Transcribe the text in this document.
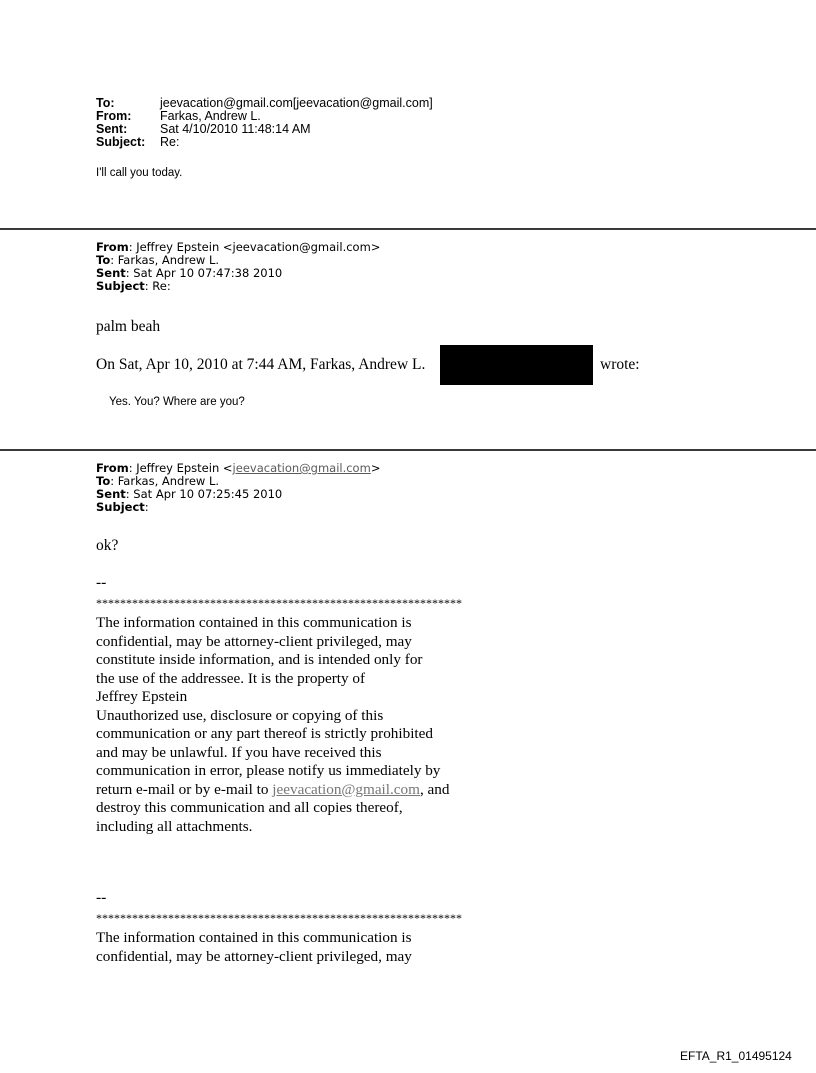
To:	jeevacation@gmail.com[jeevacation@gmail.com]
From: Farkas, Andrew L.
Sent:	Sat 4/10/2010 11:48:14 AM
Subject: Re:
I'll call you today.
From: Jeffrey Epstein <jeevacation@gmail.com>
To: Farkas, Andrew L.
Sent: Sat Apr 10 07:47:38 2010
Subject: Re:
palm beah
On Sat, Apr 10, 2010 at 7:44 AM, Farkas, Andrew L.	wrote:
Yes. You? Where are you?
From: Jeffrey Epstein <jeevacation@gmail.com>
To: Farkas, Andrew L.
Sent: Sat Apr 10 07:25:45 2010
Subject:
ok?
--
*************************************************************
The information contained in this communication is
confidential, may be attorney-client privileged, may
constitute inside information, and is intended only for
the use of the addressee. It is the property of
Jeffrey Epstein
Unauthorized use, disclosure or copying of this
communication or any part thereof is strictly prohibited
and may be unlawful. If you have received this
communication in error, please notify us immediately by
return e-mail or by e-mail to jeevacation@gmail.com, and
destroy this communication and all copies thereof,
including all attachments.
--
*************************************************************
The information contained in this communication is
confidential, may be attorney-client privileged, may
EFTA_R1_01495124
